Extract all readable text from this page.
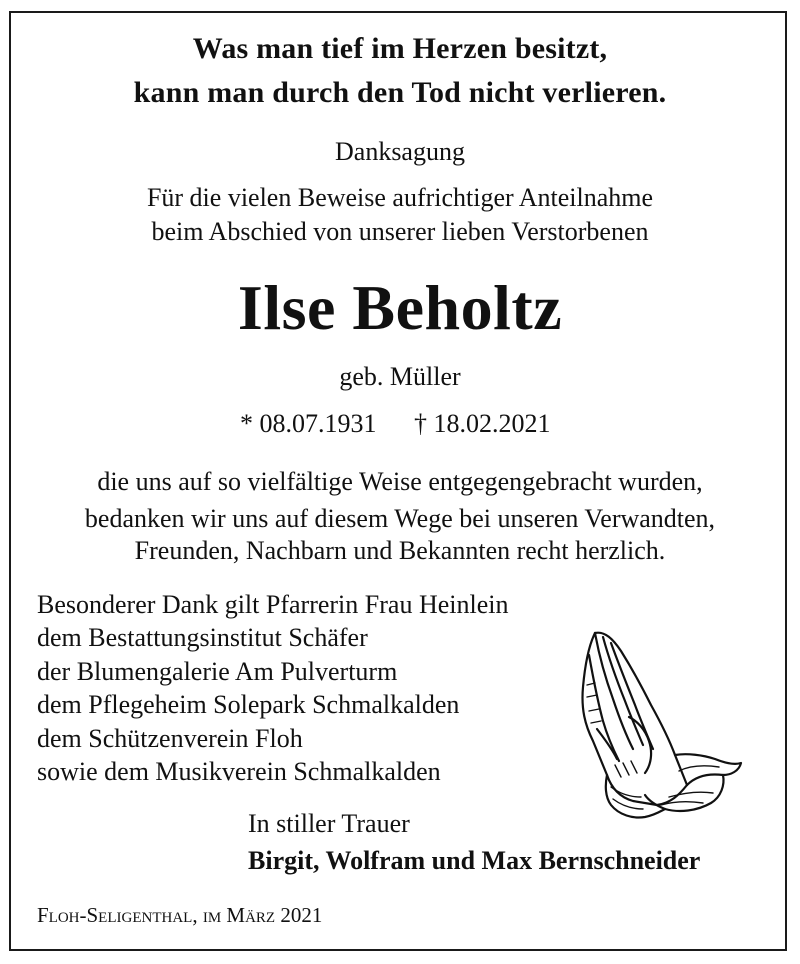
Was man tief im Herzen besitzt,
kann man durch den Tod nicht verlieren.
Danksagung
Für die vielen Beweise aufrichtiger Anteilnahme
beim Abschied von unserer lieben Verstorbenen
Ilse Beholtz
geb. Müller
* 08.07.1931 † 18.02.2021
die uns auf so vielfältige Weise entgegengebracht wurden,
bedanken wir uns auf diesem Wege bei unseren Verwandten,
Freunden, Nachbarn und Bekannten recht herzlich.
Besonderer Dank gilt Pfarrerin Frau Heinlein
dem Bestattungsinstitut Schäfer
der Blumengalerie Am Pulverturm
dem Pflegeheim Solepark Schmalkalden
dem Schützenverein Floh
sowie dem Musikverein Schmalkalden
In stiller Trauer
Birgit, Wolfram und Max Bernschneider
Floh-Seligenthal, im März 2021
